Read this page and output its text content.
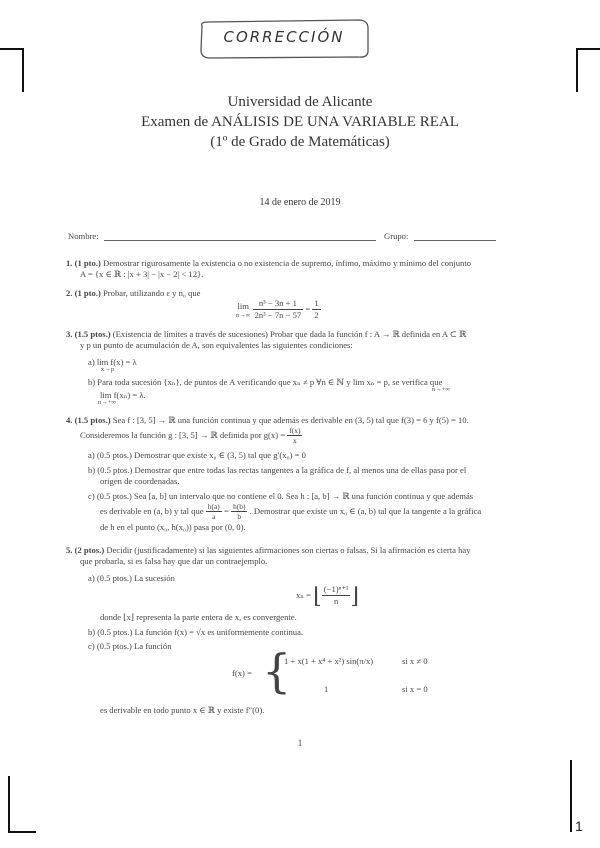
CORRECCIÓN
Universidad de Alicante
Examen de ANÁLISIS DE UNA VARIABLE REAL
(1º de Grado de Matemáticas)
14 de enero de 2019
Nombre:	Grupo:
1. (1 pto.) Demostrar rigurosamente la existencia o no existencia de supremo, ínfimo, máximo y mínimo del conjunto
A = {x ∈ ℝ : |x + 3| − |x − 2| < 12}.
2. (1 pto.) Probar, utilizando ε y n₀ que
lim
n→∞
$\frac{\text{n³ − 3n + 1}}{\text{2n³ − 7n − 57}} = \frac{1}{2}$
3. (1.5 ptos.) (Existencia de límites a través de sucesiones) Probar que dada la función f : A → ℝ definida en A ⊂ ℝ
y p un punto de acumulación de A, son equivalentes las siguientes condiciones:
a) lim f(x) = λ
x→p
b) Para toda sucesión {xₙ}, de puntos de A verificando que xₙ ≠ p ∀n ∈ ℕ y lim xₙ = p, se verifica que
n→+∞
lim f(xₙ) = λ.
n→+∞
4. (1.5 ptos.) Sea f : [3, 5] → ℝ una función continua y que además es derivable en (3, 5) tal que f(3) = 6 y f(5) = 10.
Consideremos la función g : [3, 5] → ℝ definida por $g(x) = \frac{f(x)}{x}$
a) (0.5 ptos.) Demostrar que existe x₀ ∈ (3, 5) tal que g′(x₀) = 0
b) (0.5 ptos.) Demostrar que entre todas las rectas tangentes a la gráfica de f, al menos una de ellas pasa por el
origen de coordenadas.
c) (0.5 ptos.) Sea [a, b] un intervalo que no contiene el 0. Sea h : [a, b] → ℝ una función continua y que además
es derivable en (a, b) y tal que $\frac{h(a)}{a} = \frac{h(b)}{b}$ . Demostrar que existe un x₀ ∈ (a, b) tal que la tangente a la gráfica
de h en el punto (x₀, h(x₀)) pasa por (0, 0).
5. (2 ptos.) Decidir (justificadamente) si las siguientes afirmaciones son ciertas o falsas. Si la afirmación es cierta hay
que probarla, si es falsa hay que dar un contraejemplo.
a) (0.5 ptos.) La sucesión
xₙ = ⌊ $\frac{\text{(−1)ⁿ⁺¹}}{n}$ ⌋
donde ⌊x⌋ representa la parte entera de x, es convergente.
b) (0.5 ptos.) La función f(x) = √x es uniformemente continua.
c) (0.5 ptos.) La función
f(x) = {
1 + x(1 + x⁴ + x²) sin(π/x)	si x ≠ 0
1	si x = 0
es derivable en todo punto x ∈ ℝ y existe f″(0).
1
1
